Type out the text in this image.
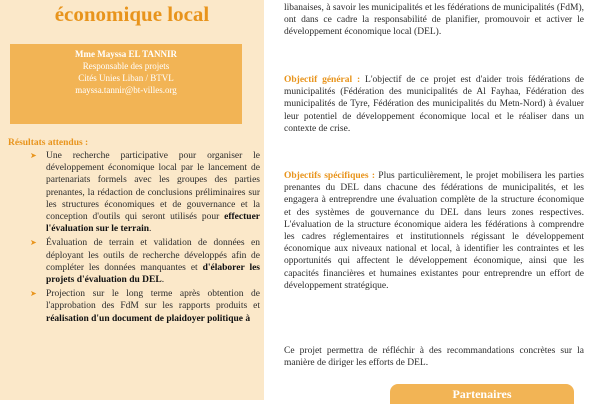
économique local
Mme Mayssa EL TANNIR
Responsable des projets
Cités Unies Liban / BTVL
mayssa.tannir@bt-villes.org
Résultats attendus :
➤ Une recherche participative pour organiser le développement économique local par le lancement de partenariats formels avec les groupes des parties prenantes, la rédaction de conclusions préliminaires sur les structures économiques et de gouvernance et la conception d'outils qui seront utilisés pour effectuer l'évaluation sur le terrain.
➤ Évaluation de terrain et validation de données en déployant les outils de recherche développés afin de compléter les données manquantes et d'élaborer les projets d'évaluation du DEL.
➤ Projection sur le long terme après obtention de l'approbation des FdM sur les rapports produits et réalisation d'un document de plaidoyer politique à

libanaises, à savoir les municipalités et les fédérations de municipalités (FdM), ont dans ce cadre la responsabilité de planifier, promouvoir et activer le développement économique local (DEL).

Objectif général : L'objectif de ce projet est d'aider trois fédérations de municipalités (Fédération des municipalités de Al Fayhaa, Fédération des municipalités de Tyre, Fédération des municipalités du Metn-Nord) à évaluer leur potentiel de développement économique local et le réaliser dans un contexte de crise.

Objectifs spécifiques : Plus particulièrement, le projet mobilisera les parties prenantes du DEL dans chacune des fédérations de municipalités, et les engagera à entreprendre une évaluation complète de la structure économique et des systèmes de gouvernance du DEL dans leurs zones respectives. L'évaluation de la structure économique aidera les fédérations à comprendre les cadres réglementaires et institutionnels régissant le développement économique aux niveaux national et local, à identifier les contraintes et les opportunités qui affectent le développement économique, ainsi que les capacités financières et humaines existantes pour entreprendre un effort de développement stratégique.

Ce projet permettra de réfléchir à des recommandations concrètes sur la manière de diriger les efforts de DEL.

Partenaires
